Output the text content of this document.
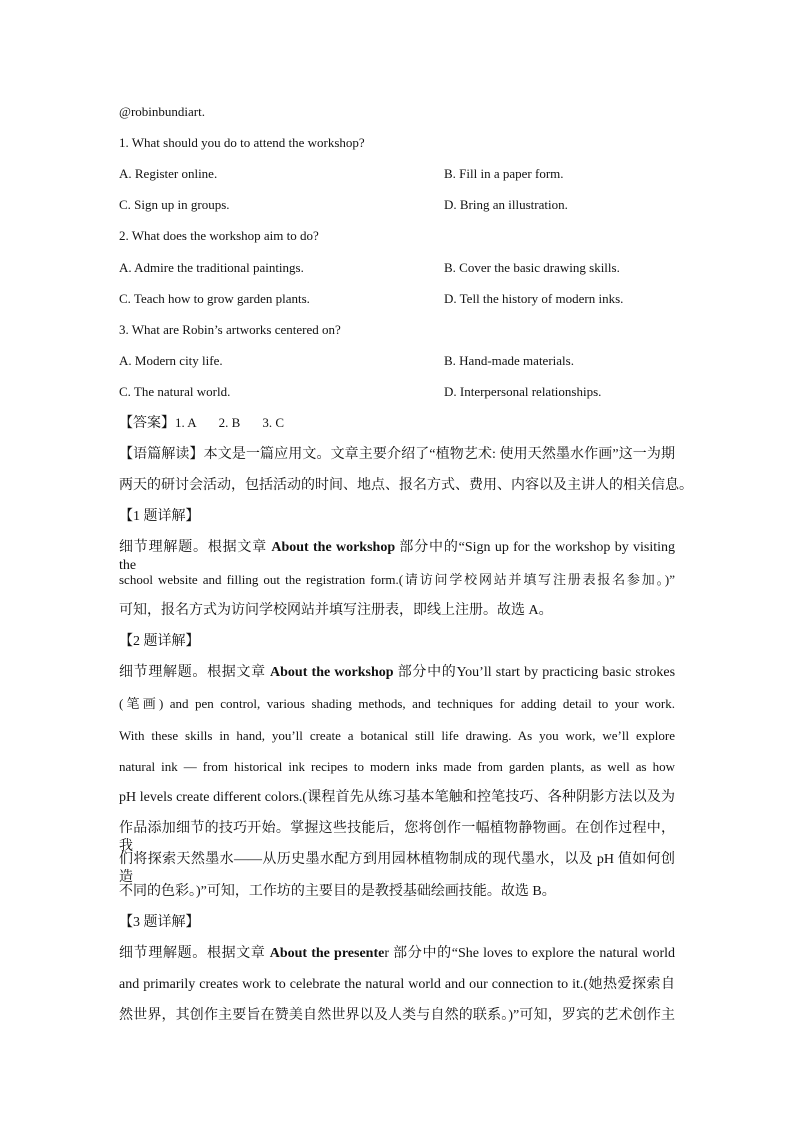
@robinbundiart.
1. What should you do to attend the workshop?
A. Register online.	B. Fill in a paper form.
C. Sign up in groups.	D. Bring an illustration.
2. What does the workshop aim to do?
A. Admire the traditional paintings.	B. Cover the basic drawing skills.
C. Teach how to grow garden plants.	D. Tell the history of modern inks.
3. What are Robin’s artworks centered on?
A. Modern city life.	B. Hand-made materials.
C. The natural world.	D. Interpersonal relationships.
【答案】1. A 2. B 3. C
【语篇解读】本文是一篇应用文。文章主要介绍了“植物艺术: 使用天然墨水作画”这一为期
两天的研讨会活动，包括活动的时间、地点、报名方式、费用、内容以及主讲人的相关信息。
【1 题详解】
细节理解题。根据文章 About the workshop 部分中的“Sign up for the workshop by visiting the
school website and filling out the registration form.(请访问学校网站并填写注册表报名参加。)”
可知，报名方式为访问学校网站并填写注册表，即线上注册。故选 A。
【2 题详解】
细节理解题。根据文章 About the workshop 部分中的You’ll start by practicing basic strokes
(笔画) and pen control, various shading methods, and techniques for adding detail to your work.
With these skills in hand, you’ll create a botanical still life drawing. As you work, we’ll explore
natural ink — from historical ink recipes to modern inks made from garden plants, as well as how
pH levels create different colors.(课程首先从练习基本笔触和控笔技巧、各种阴影方法以及为
作品添加细节的技巧开始。掌握这些技能后，您将创作一幅植物静物画。在创作过程中，我
们将探索天然墨水——从历史墨水配方到用园林植物制成的现代墨水，以及 pH 值如何创造
不同的色彩。)”可知，工作坊的主要目的是教授基础绘画技能。故选 B。
【3 题详解】
细节理解题。根据文章 About the presenter 部分中的“She loves to explore the natural world
and primarily creates work to celebrate the natural world and our connection to it.(她热爱探索自
然世界，其创作主要旨在赞美自然世界以及人类与自然的联系。)”可知，罗宾的艺术创作主
